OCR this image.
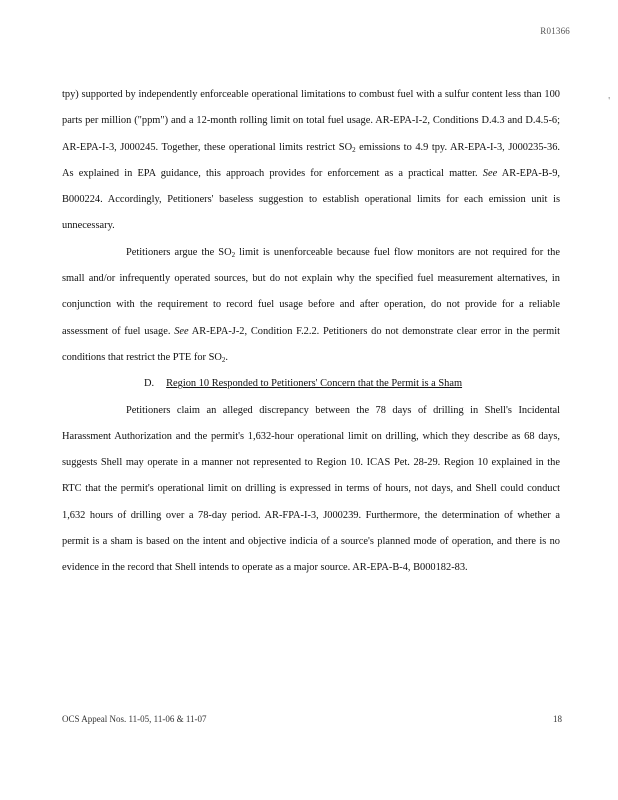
R01366
'

tpy) supported by independently enforceable operational limitations to combust fuel with a sulfur content less than 100 parts per million ("ppm") and a 12-month rolling limit on total fuel usage. AR-EPA-I-2, Conditions D.4.3 and D.4.5-6; AR-EPA-I-3, J000245. Together, these operational limits restrict $SO_2$ emissions to 4.9 tpy. AR-EPA-I-3, J000235-36. As explained in EPA guidance, this approach provides for enforcement as a practical matter. See AR-EPA-B-9, B000224. Accordingly, Petitioners' baseless suggestion to establish operational limits for each emission unit is unnecessary.

Petitioners argue the $SO_2$ limit is unenforceable because fuel flow monitors are not required for the small and/or infrequently operated sources, but do not explain why the specified fuel measurement alternatives, in conjunction with the requirement to record fuel usage before and after operation, do not provide for a reliable assessment of fuel usage. See AR-EPA-J-2, Condition F.2.2. Petitioners do not demonstrate clear error in the permit conditions that restrict the PTE for $SO_2$.

D. Region 10 Responded to Petitioners' Concern that the Permit is a Sham

Petitioners claim an alleged discrepancy between the 78 days of drilling in Shell's Incidental Harassment Authorization and the permit's 1,632-hour operational limit on drilling, which they describe as 68 days, suggests Shell may operate in a manner not represented to Region 10. ICAS Pet. 28-29. Region 10 explained in the RTC that the permit's operational limit on drilling is expressed in terms of hours, not days, and Shell could conduct 1,632 hours of drilling over a 78-day period. AR-FPA-I-3, J000239. Furthermore, the determination of whether a permit is a sham is based on the intent and objective indicia of a source's planned mode of operation, and there is no evidence in the record that Shell intends to operate as a major source. AR-EPA-B-4, B000182-83.

OCS Appeal Nos. 11-05, 11-06 & 11-07	18
